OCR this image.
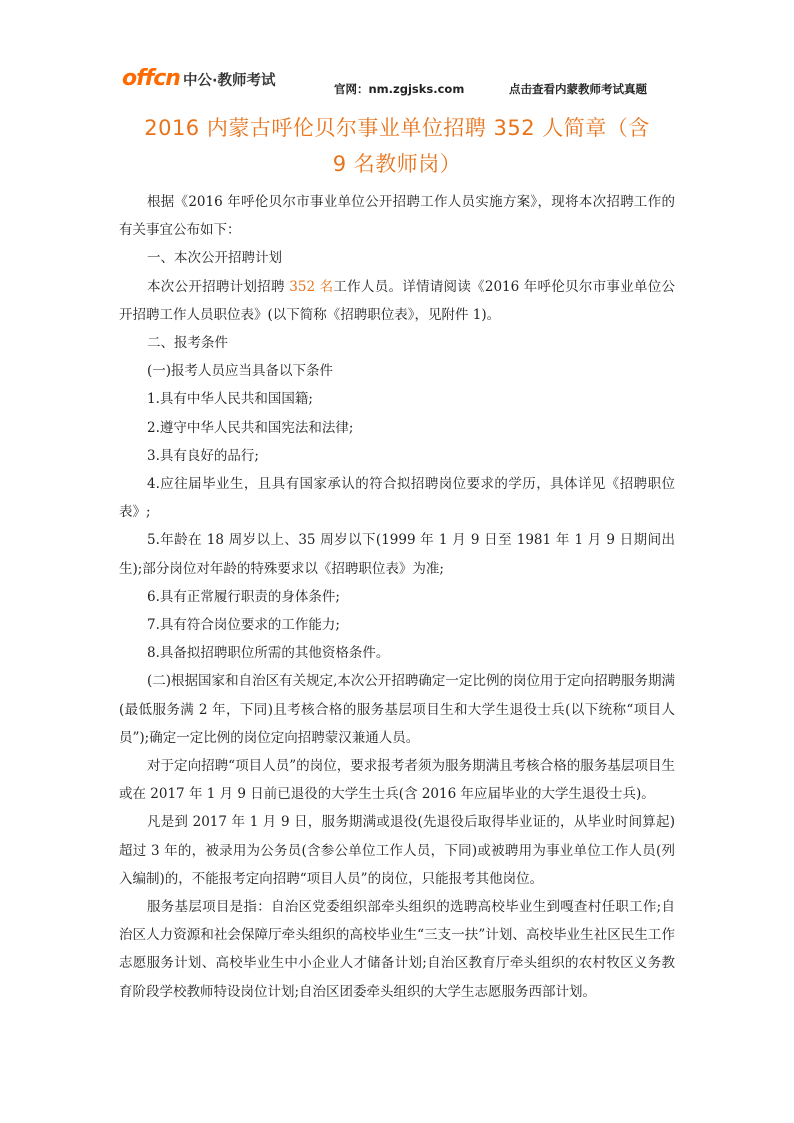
offcn 中公·教师考试	官网：nm.zgjsks.com	点击查看内蒙教师考试真题
2016 内蒙古呼伦贝尔事业单位招聘 352 人简章（含
9 名教师岗）

根据《2016 年呼伦贝尔市事业单位公开招聘工作人员实施方案》，现将本次招聘工作的有关事宜公布如下：

一、本次公开招聘计划

本次公开招聘计划招聘 352 名工作人员。详情请阅读《2016 年呼伦贝尔市事业单位公开招聘工作人员职位表》(以下简称《招聘职位表》，见附件 1)。

二、报考条件

(一)报考人员应当具备以下条件

1.具有中华人民共和国国籍;

2.遵守中华人民共和国宪法和法律;

3.具有良好的品行;

4.应往届毕业生，且具有国家承认的符合拟招聘岗位要求的学历，具体详见《招聘职位表》;

5.年龄在 18 周岁以上、35 周岁以下(1999 年 1 月 9 日至 1981 年 1 月 9 日期间出生);部分岗位对年龄的特殊要求以《招聘职位表》为准;

6.具有正常履行职责的身体条件;

7.具有符合岗位要求的工作能力;

8.具备拟招聘职位所需的其他资格条件。

(二)根据国家和自治区有关规定,本次公开招聘确定一定比例的岗位用于定向招聘服务期满(最低服务满 2 年，下同)且考核合格的服务基层项目生和大学生退役士兵(以下统称“项目人员”);确定一定比例的岗位定向招聘蒙汉兼通人员。

对于定向招聘“项目人员”的岗位，要求报考者须为服务期满且考核合格的服务基层项目生或在 2017 年 1 月 9 日前已退役的大学生士兵(含 2016 年应届毕业的大学生退役士兵)。

凡是到 2017 年 1 月 9 日，服务期满或退役(先退役后取得毕业证的，从毕业时间算起)超过 3 年的，被录用为公务员(含参公单位工作人员，下同)或被聘用为事业单位工作人员(列入编制)的，不能报考定向招聘“项目人员”的岗位，只能报考其他岗位。

服务基层项目是指：自治区党委组织部牵头组织的选聘高校毕业生到嘎查村任职工作;自治区人力资源和社会保障厅牵头组织的高校毕业生“三支一扶”计划、高校毕业生社区民生工作志愿服务计划、高校毕业生中小企业人才储备计划;自治区教育厅牵头组织的农村牧区义务教育阶段学校教师特设岗位计划;自治区团委牵头组织的大学生志愿服务西部计划。
